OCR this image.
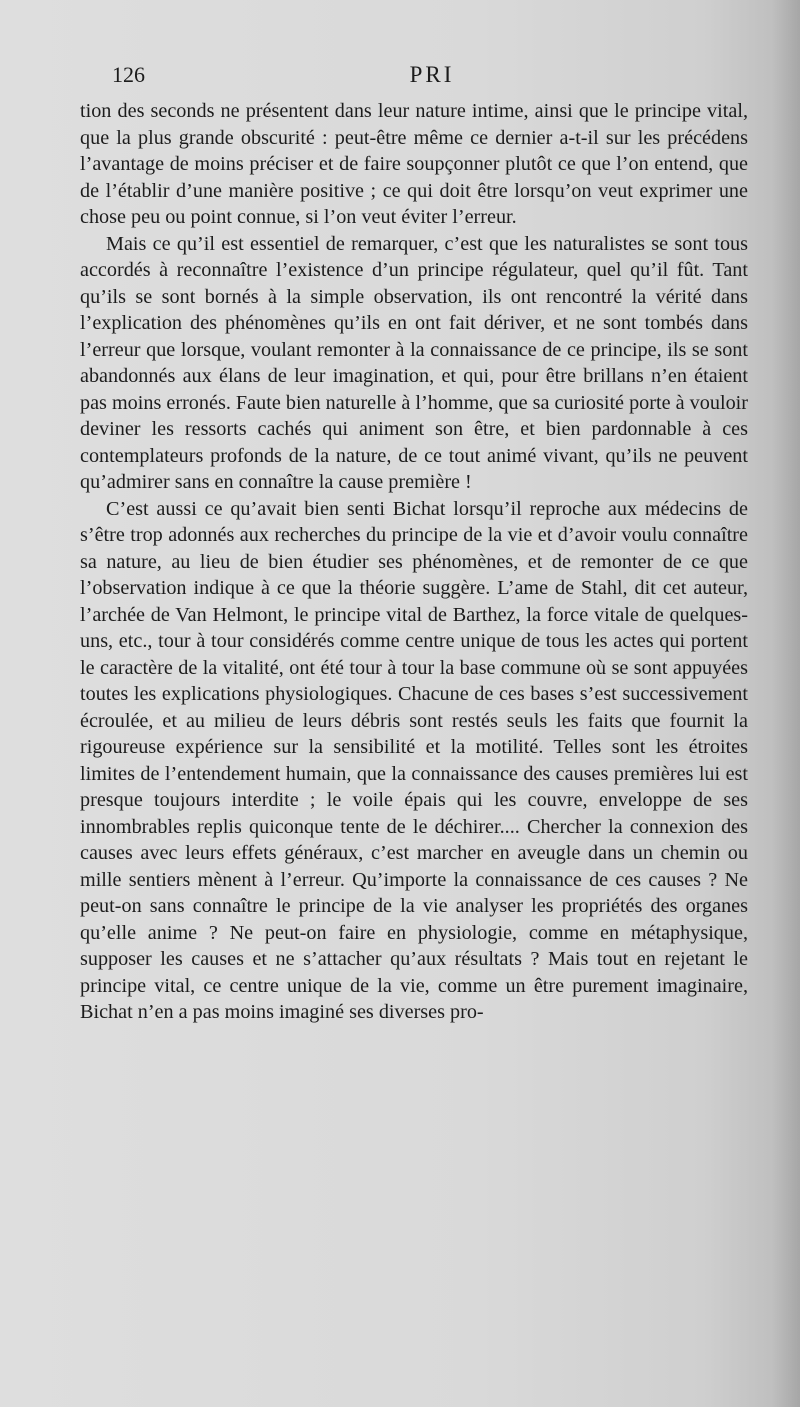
126	PRI

tion des seconds ne présentent dans leur nature intime, ainsi que le principe vital, que la plus grande obscurité : peut-être même ce dernier a-t-il sur les précédens l’avantage de moins préciser et de faire soupçonner plutôt ce que l’on entend, que de l’établir d’une manière positive ; ce qui doit être lorsqu’on veut exprimer une chose peu ou point connue, si l’on veut éviter l’erreur.

Mais ce qu’il est essentiel de remarquer, c’est que les naturalistes se sont tous accordés à reconnaître l’existence d’un principe régulateur, quel qu’il fût. Tant qu’ils se sont bornés à la simple observation, ils ont rencontré la vérité dans l’explication des phénomènes qu’ils en ont fait dériver, et ne sont tombés dans l’erreur que lorsque, voulant remonter à la connaissance de ce principe, ils se sont abandonnés aux élans de leur imagination, et qui, pour être brillans n’en étaient pas moins erronés. Faute bien naturelle à l’homme, que sa curiosité porte à vouloir deviner les ressorts cachés qui animent son être, et bien pardonnable à ces contemplateurs profonds de la nature, de ce tout animé vivant, qu’ils ne peuvent qu’admirer sans en connaître la cause première !

C’est aussi ce qu’avait bien senti Bichat lorsqu’il reproche aux médecins de s’être trop adonnés aux recherches du principe de la vie et d’avoir voulu connaître sa nature, au lieu de bien étudier ses phénomènes, et de remonter de ce que l’observation indique à ce que la théorie suggère. L’ame de Stahl, dit cet auteur, l’archée de Van Helmont, le principe vital de Barthez, la force vitale de quelques-uns, etc., tour à tour considérés comme centre unique de tous les actes qui portent le caractère de la vitalité, ont été tour à tour la base commune où se sont appuyées toutes les explications physiologiques. Chacune de ces bases s’est successivement écroulée, et au milieu de leurs débris sont restés seuls les faits que fournit la rigoureuse expérience sur la sensibilité et la motilité. Telles sont les étroites limites de l’entendement humain, que la connaissance des causes premières lui est presque toujours interdite ; le voile épais qui les couvre, enveloppe de ses innombrables replis quiconque tente de le déchirer.... Chercher la connexion des causes avec leurs effets généraux, c’est marcher en aveugle dans un chemin ou mille sentiers mènent à l’erreur. Qu’importe la connaissance de ces causes ? Ne peut-on sans connaître le principe de la vie analyser les propriétés des organes qu’elle anime ? Ne peut-on faire en physiologie, comme en métaphysique, supposer les causes et ne s’attacher qu’aux résultats ? Mais tout en rejetant le principe vital, ce centre unique de la vie, comme un être purement imaginaire, Bichat n’en a pas moins imaginé ses diverses pro-
